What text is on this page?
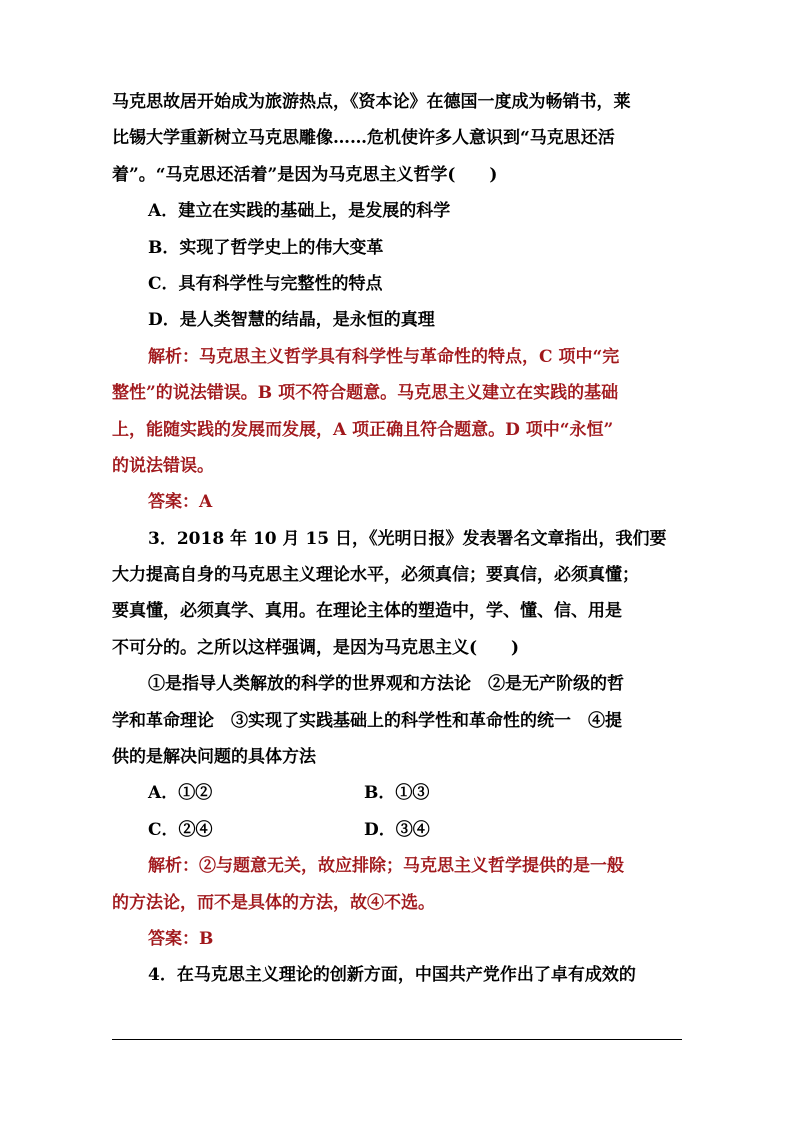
马克思故居开始成为旅游热点，《资本论》在德国一度成为畅销书，莱
比锡大学重新树立马克思雕像……危机使许多人意识到“马克思还活
着”。“马克思还活着”是因为马克思主义哲学(　　)
A．建立在实践的基础上，是发展的科学
B．实现了哲学史上的伟大变革
C．具有科学性与完整性的特点
D．是人类智慧的结晶，是永恒的真理
解析：马克思主义哲学具有科学性与革命性的特点，C 项中“完
整性”的说法错误。B 项不符合题意。马克思主义建立在实践的基础
上，能随实践的发展而发展，A 项正确且符合题意。D 项中“永恒”
的说法错误。
答案：A
3．2018 年 10 月 15 日，《光明日报》发表署名文章指出，我们要
大力提高自身的马克思主义理论水平，必须真信；要真信，必须真懂；
要真懂，必须真学、真用。在理论主体的塑造中，学、懂、信、用是
不可分的。之所以这样强调，是因为马克思主义(　　)
①是指导人类解放的科学的世界观和方法论　②是无产阶级的哲
学和革命理论　③实现了实践基础上的科学性和革命性的统一　④提
供的是解决问题的具体方法
A．①②	B．①③
C．②④	D．③④
解析：②与题意无关，故应排除；马克思主义哲学提供的是一般
的方法论，而不是具体的方法，故④不选。
答案：B
4．在马克思主义理论的创新方面，中国共产党作出了卓有成效的
